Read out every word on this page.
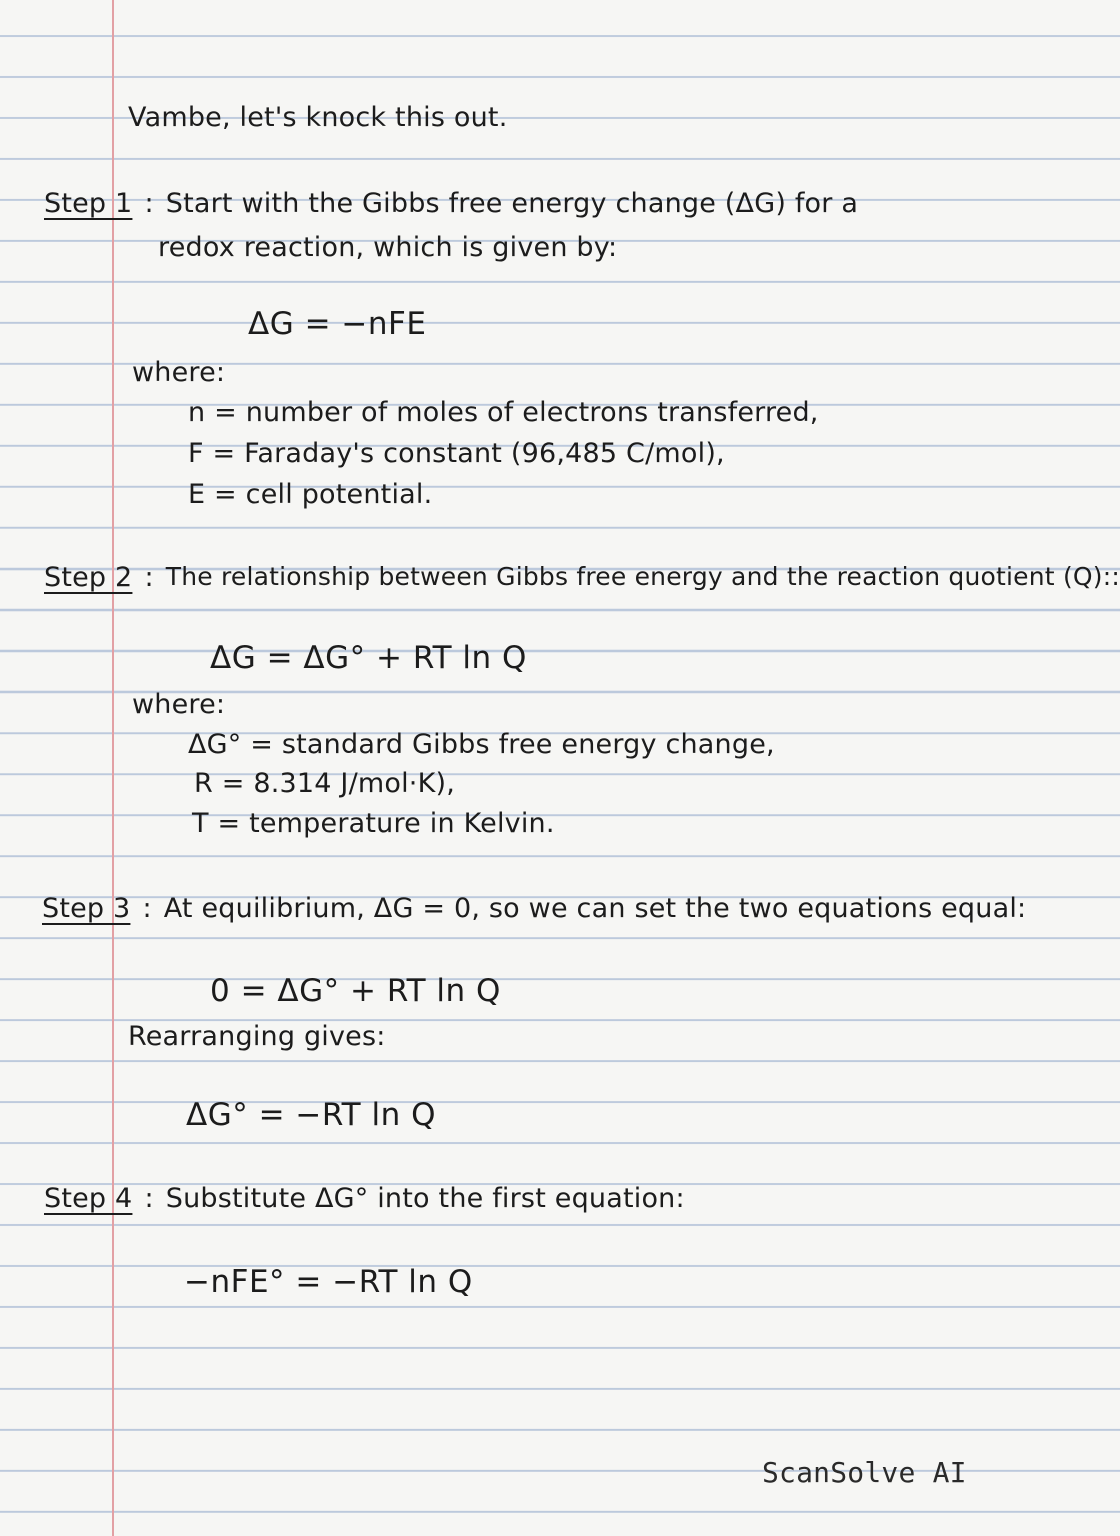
Vambe, let's knock this out.
Step 1 : Start with the Gibbs free energy change (ΔG) for a
redox reaction, which is given by:
ΔG = −nFE
where:
n = number of moles of electrons transferred,
F = Faraday's constant (96,485 C/mol),
E = cell potential.
Step 2 : The relationship between Gibbs free energy and the reaction quotient (Q)::
ΔG = ΔG° + RT ln Q
where:
ΔG° = standard Gibbs free energy change,
R = 8.314 J/mol·K),
T = temperature in Kelvin.
Step 3 : At equilibrium, ΔG = 0, so we can set the two equations equal:
0 = ΔG° + RT ln Q
Rearranging gives:
ΔG° = −RT ln Q
Step 4 : Substitute ΔG° into the first equation:
−nFE° = −RT ln Q
ScanSolve AI
